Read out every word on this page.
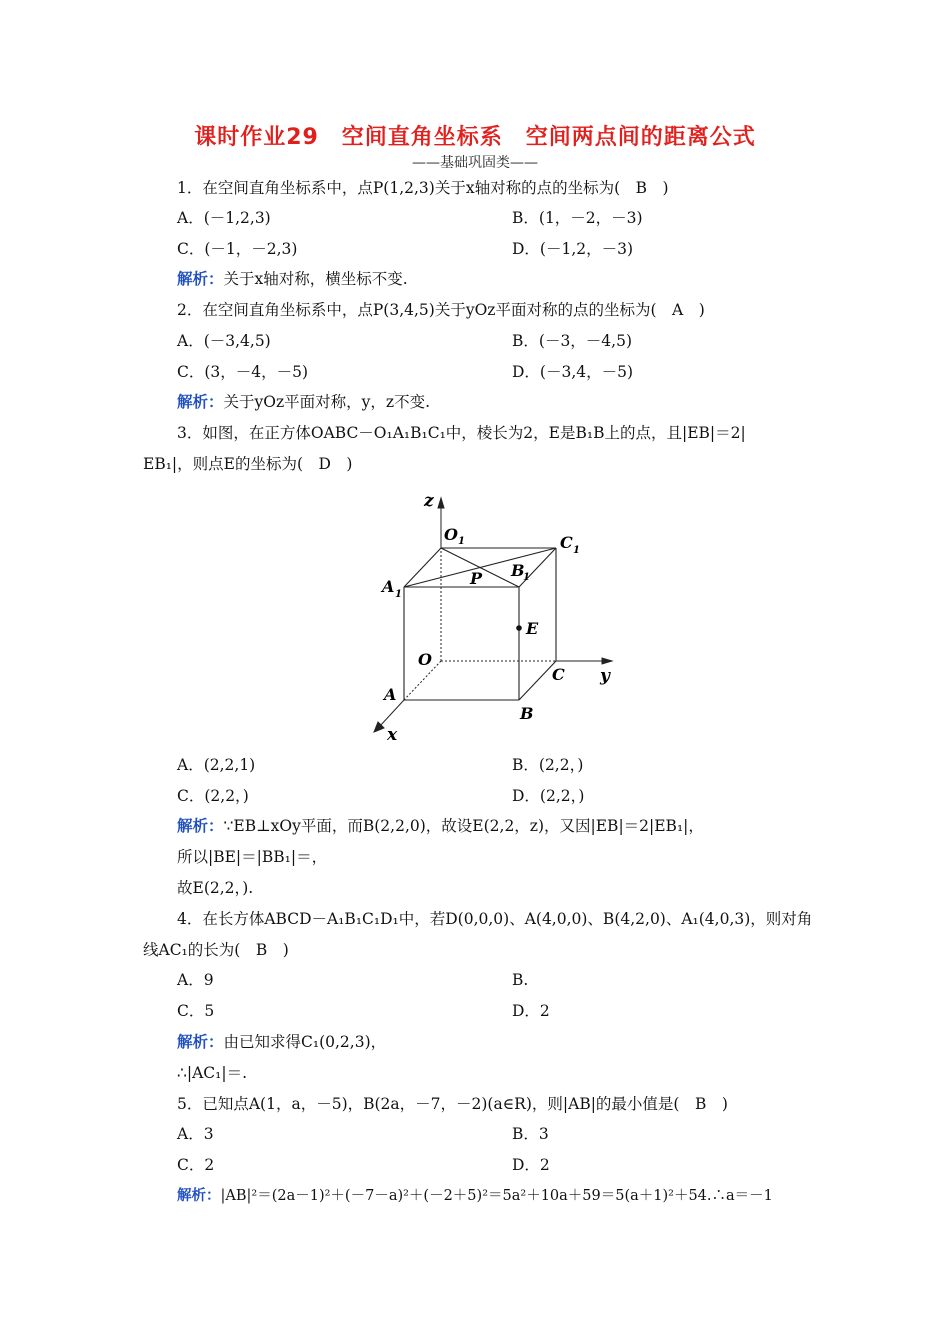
课时作业29　空间直角坐标系　空间两点间的距离公式
——基础巩固类——
1．在空间直角坐标系中，点P(1,2,3)关于x轴对称的点的坐标为(　B　)
A．(－1,2,3)	B．(1，－2，－3)
C．(－1，－2,3)	D．(－1,2，－3)
解析：关于x轴对称，横坐标不变.
2．在空间直角坐标系中，点P(3,4,5)关于yOz平面对称的点的坐标为(　A　)
A．(－3,4,5)	B．(－3，－4,5)
C．(3，－4，－5)	D．(－3,4，－5)
解析：关于yOz平面对称，y，z不变.
3．如图，在正方体OABC－O₁A₁B₁C₁中，棱长为2，E是B₁B上的点，且|EB|＝2|
EB₁|，则点E的坐标为(　D　)
z
y
x
O 1	C 1
A 1
B
1
P
E
O
C
A
B
A．(2,2,1)	B．(2,2，)
C．(2,2，)	D．(2,2，)
解析：∵EB⊥xOy平面，而B(2,2,0)，故设E(2,2，z)，又因|EB|＝2|EB₁|，
所以|BE|＝|BB₁|＝，
故E(2,2，).
4．在长方体ABCD－A₁B₁C₁D₁中，若D(0,0,0)、A(4,0,0)、B(4,2,0)、A₁(4,0,3)，则对角
线AC₁的长为(　B　)
A．9	B.
C．5	D．2
解析：由已知求得C₁(0,2,3)，
∴|AC₁|＝.
5．已知点A(1，a，－5)，B(2a，－7，－2)(a∈R)，则|AB|的最小值是(　B　)
A．3	B．3
C．2	D．2
解析：|AB|²＝(2a－1)²＋(－7－a)²＋(－2＋5)²＝5a²＋10a＋59＝5(a＋1)²＋54.∴a＝－1
